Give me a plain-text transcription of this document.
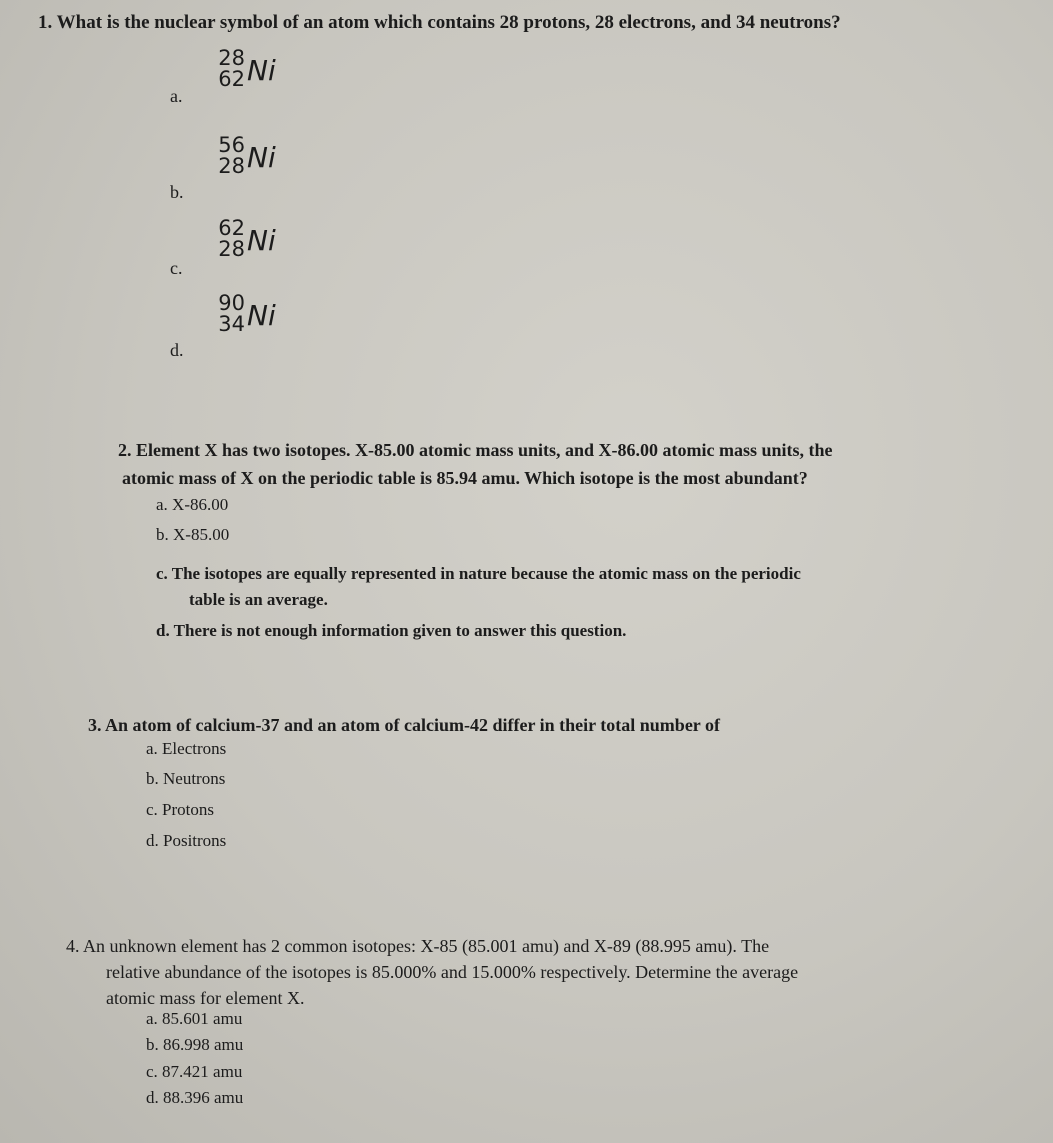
1. What is the nuclear symbol of an atom which contains 28 protons, 28 electrons, and 34 neutrons?
a.
28
62 Ni
b.
56
28 Ni
c.
62
28 Ni
d.
90
34 Ni
2. Element X has two isotopes. X-85.00 atomic mass units, and X-86.00 atomic mass units, the
atomic mass of X on the periodic table is 85.94 amu. Which isotope is the most abundant?
a. X-86.00
b. X-85.00
c. The isotopes are equally represented in nature because the atomic mass on the periodic
table is an average.
d. There is not enough information given to answer this question.
3. An atom of calcium-37 and an atom of calcium-42 differ in their total number of
a. Electrons
b. Neutrons
c. Protons
d. Positrons
4. An unknown element has 2 common isotopes: X-85 (85.001 amu) and X-89 (88.995 amu). The
relative abundance of the isotopes is 85.000% and 15.000% respectively. Determine the average
atomic mass for element X.
a. 85.601 amu
b. 86.998 amu
c. 87.421 amu
d. 88.396 amu
